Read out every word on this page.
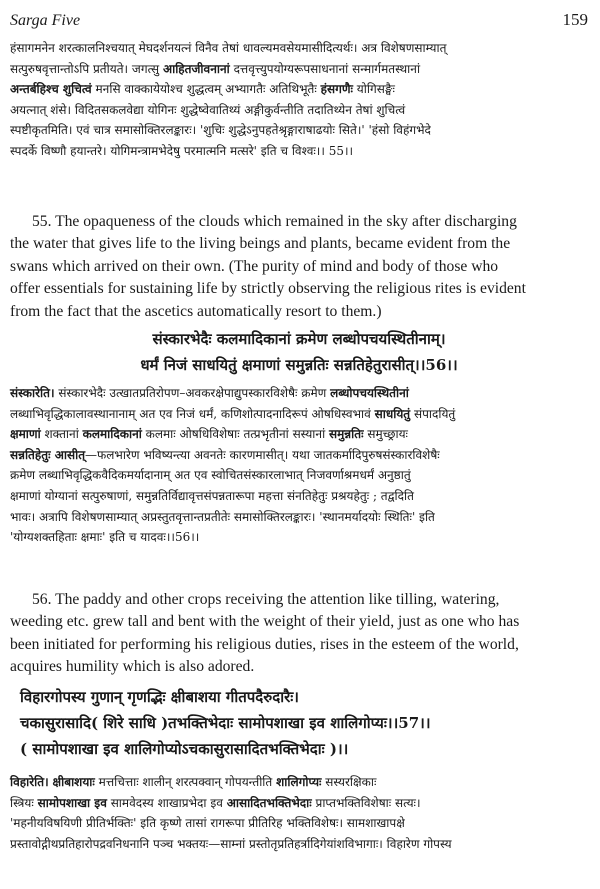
Sarga Five	159

हंसागमनेन शरत्कालनिश्चयात् मेघदर्शनयत्नं विनैव तेषां धावल्यमवसेयमासीदित्यर्थः। अत्र विशेषणसाम्यात्

सत्पुरुषवृत्तान्तोऽपि प्रतीयते। जगत्सु आहितजीवनानां दत्तवृत्त्युपयोग्यरूपसाधनानां सन्मार्गमतस्थानां

अन्तर्बहिश्च शुचित्वं मनसि वाक्कायेयोश्च शुद्धत्वम् अभ्यागतैः अतिथिभूतैः हंसगणैः योगिसङ्घैः

अयत्नात् शंसे। विदितसकलवेद्या योगिनः शुद्धेष्वेवातिथ्यं अङ्गीकुर्वन्तीति तदातिथ्येन तेषां शुचित्वं

स्पष्टीकृतमिति। एवं चात्र समासोक्तिरलङ्कारः। 'शुचिः शुद्धेऽनुपहतेश्रृङ्गाराषाढयोः सिते।' 'हंसो विहंगभेदे

स्पदर्के विष्णौ हयान्तरे। योगिमन्त्रामभेदेषु परमात्मनि मत्सरे' इति च विश्वः।। 55।।

55. The opaqueness of the clouds which remained in the sky after discharging

the water that gives life to the living beings and plants, became evident from the

swans which arrived on their own. (The purity of mind and body of those who

offer essentials for sustaining life by strictly observing the religious rites is evident

from the fact that the ascetics automatically resort to them.)

संस्कारभेदैः कलमादिकानां क्रमेण लब्धोपचयस्थितीनाम्।

धर्मं निजं साधयितुं क्षमाणां समुन्नतिः सन्नतिहेतुरासीत्।।56।।

संस्कारेति। संस्कारभेदैः उत्खातप्रतिरोपण–अवकरक्षेपाद्युपस्कारविशेषैः क्रमेण लब्धोपचयस्थितीनां

लब्धाभिवृद्धिकालावस्थानानाम् अत एव निजं धर्मं, कणिशोत्पादनादिरूपं ओषधिस्वभावं साधयितुं संपादयितुं

क्षमाणां शक्तानां कलमादिकानां कलमाः ओषधिविशेषाः तत्प्रभृतीनां सस्यानां समुन्नतिः समुच्छ्रायः

सन्नतिहेतुः आसीत्—फलभारेण भविष्यन्त्या अवनतेः कारणमासीत्। यथा जातकर्मादिपुरुषसंस्कारविशेषैः

क्रमेण लब्धाभिवृद्धिकवैदिकमर्यादानाम् अत एव स्वोचितसंस्कारलाभात् निजवर्णाश्रमधर्मं अनुष्ठातुं

क्षमाणां योग्यानां सत्पुरुषाणां, समुन्नतिर्विद्यावृत्तसंपन्नतारूपा महत्ता संनतिहेतुः प्रश्रयहेतुः ; तद्वदिति

भावः। अत्रापि विशेषणसाम्यात् अप्रस्तुतवृत्तान्तप्रतीतेः समासोक्तिरलङ्कारः। 'स्थानमर्यादयोः स्थितिः' इति

'योग्यशक्तहिताः क्षमाः' इति च यादवः।।56।।

56. The paddy and other crops receiving the attention like tilling, watering,

weeding etc. grew tall and bent with the weight of their yield, just as one who has

been initiated for performing his religious duties, rises in the esteem of the world,

acquires humility which is also adored.

विहारगोपस्य गुणान् गृणद्भिः क्षीबाशया गीतपदैरुदारैः।

चकासुरासादि( शिरे साधि )तभक्तिभेदाः सामोपशाखा इव शालिगोप्यः।।57।।

( सामोपशाखा इव शालिगोप्योऽचकासुरासादितभक्तिभेदाः )।।

विहारेति। क्षीबाशयाः मत्तचित्ताः शालीन् शरत्पक्वान् गोपयन्तीति शालिगोप्यः सस्यरक्षिकाः

स्त्रियः सामोपशाखा इव सामवेदस्य शाखाप्रभेदा इव आसादितभक्तिभेदाः प्राप्तभक्तिविशेषाः सत्यः।

'महनीयविषयिणी प्रीतिर्भक्तिः' इति कृष्णे तासां रागरूपा प्रीतिरिह भक्तिविशेषः। सामशाखापक्षे

प्रस्तावोद्गीथप्रतिहारोपद्रवनिधनानि पञ्च भक्तयः—साम्नां प्रस्तोतृप्रतिहर्त्रादिगेयांशविभागाः। विहारेण गोपस्य
